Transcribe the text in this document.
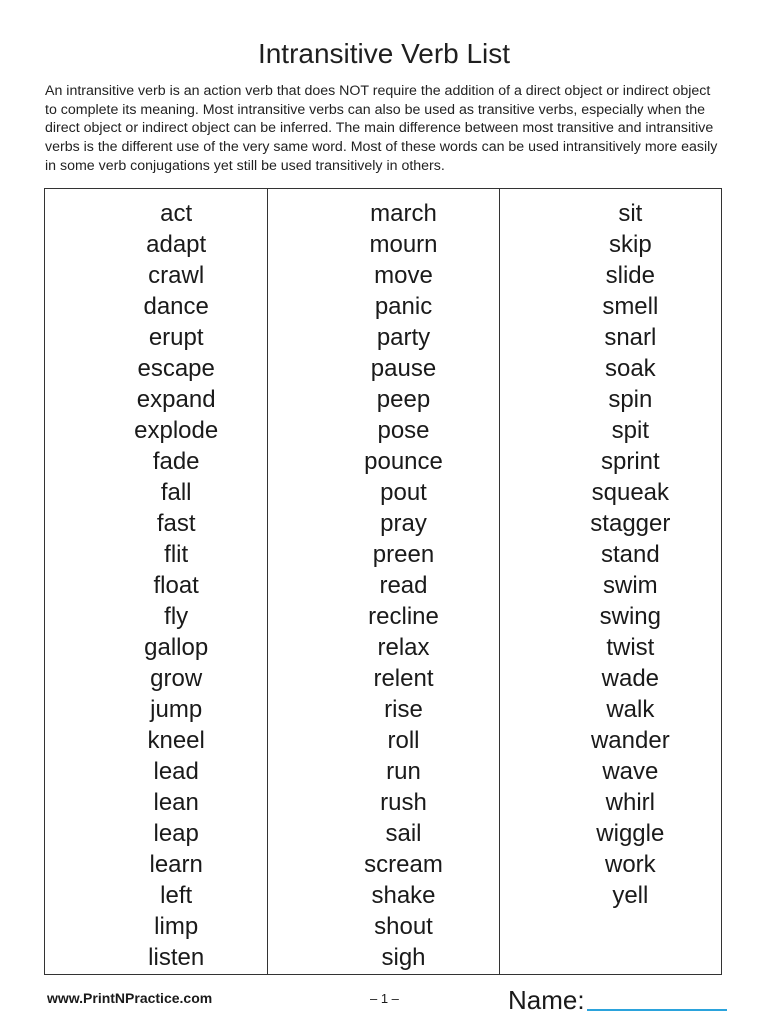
Intransitive Verb List

An intransitive verb is an action verb that does NOT require the addition of a direct object or indirect object to complete its meaning. Most intransitive verbs can also be used as transitive verbs, especially when the direct object or indirect object can be inferred. The main difference between most transitive and intransitive verbs is the different use of the very same word. Most of these words can be used intransitively more easily in some verb conjugations yet still be used transitively in others.

act
adapt
crawl
dance
erupt
escape
expand
explode
fade
fall
fast
flit
float
fly
gallop
grow
jump
kneel
lead
lean
leap
learn
left
limp
listen
march
mourn
move
panic
party
pause
peep
pose
pounce
pout
pray
preen
read
recline
relax
relent
rise
roll
run
rush
sail
scream
shake
shout
sigh
sit
skip
slide
smell
snarl
soak
spin
spit
sprint
squeak
stagger
stand
swim
swing
twist
wade
walk
wander
wave
whirl
wiggle
work
yell
www.PrintNPractice.com	– 1 –	Name:
